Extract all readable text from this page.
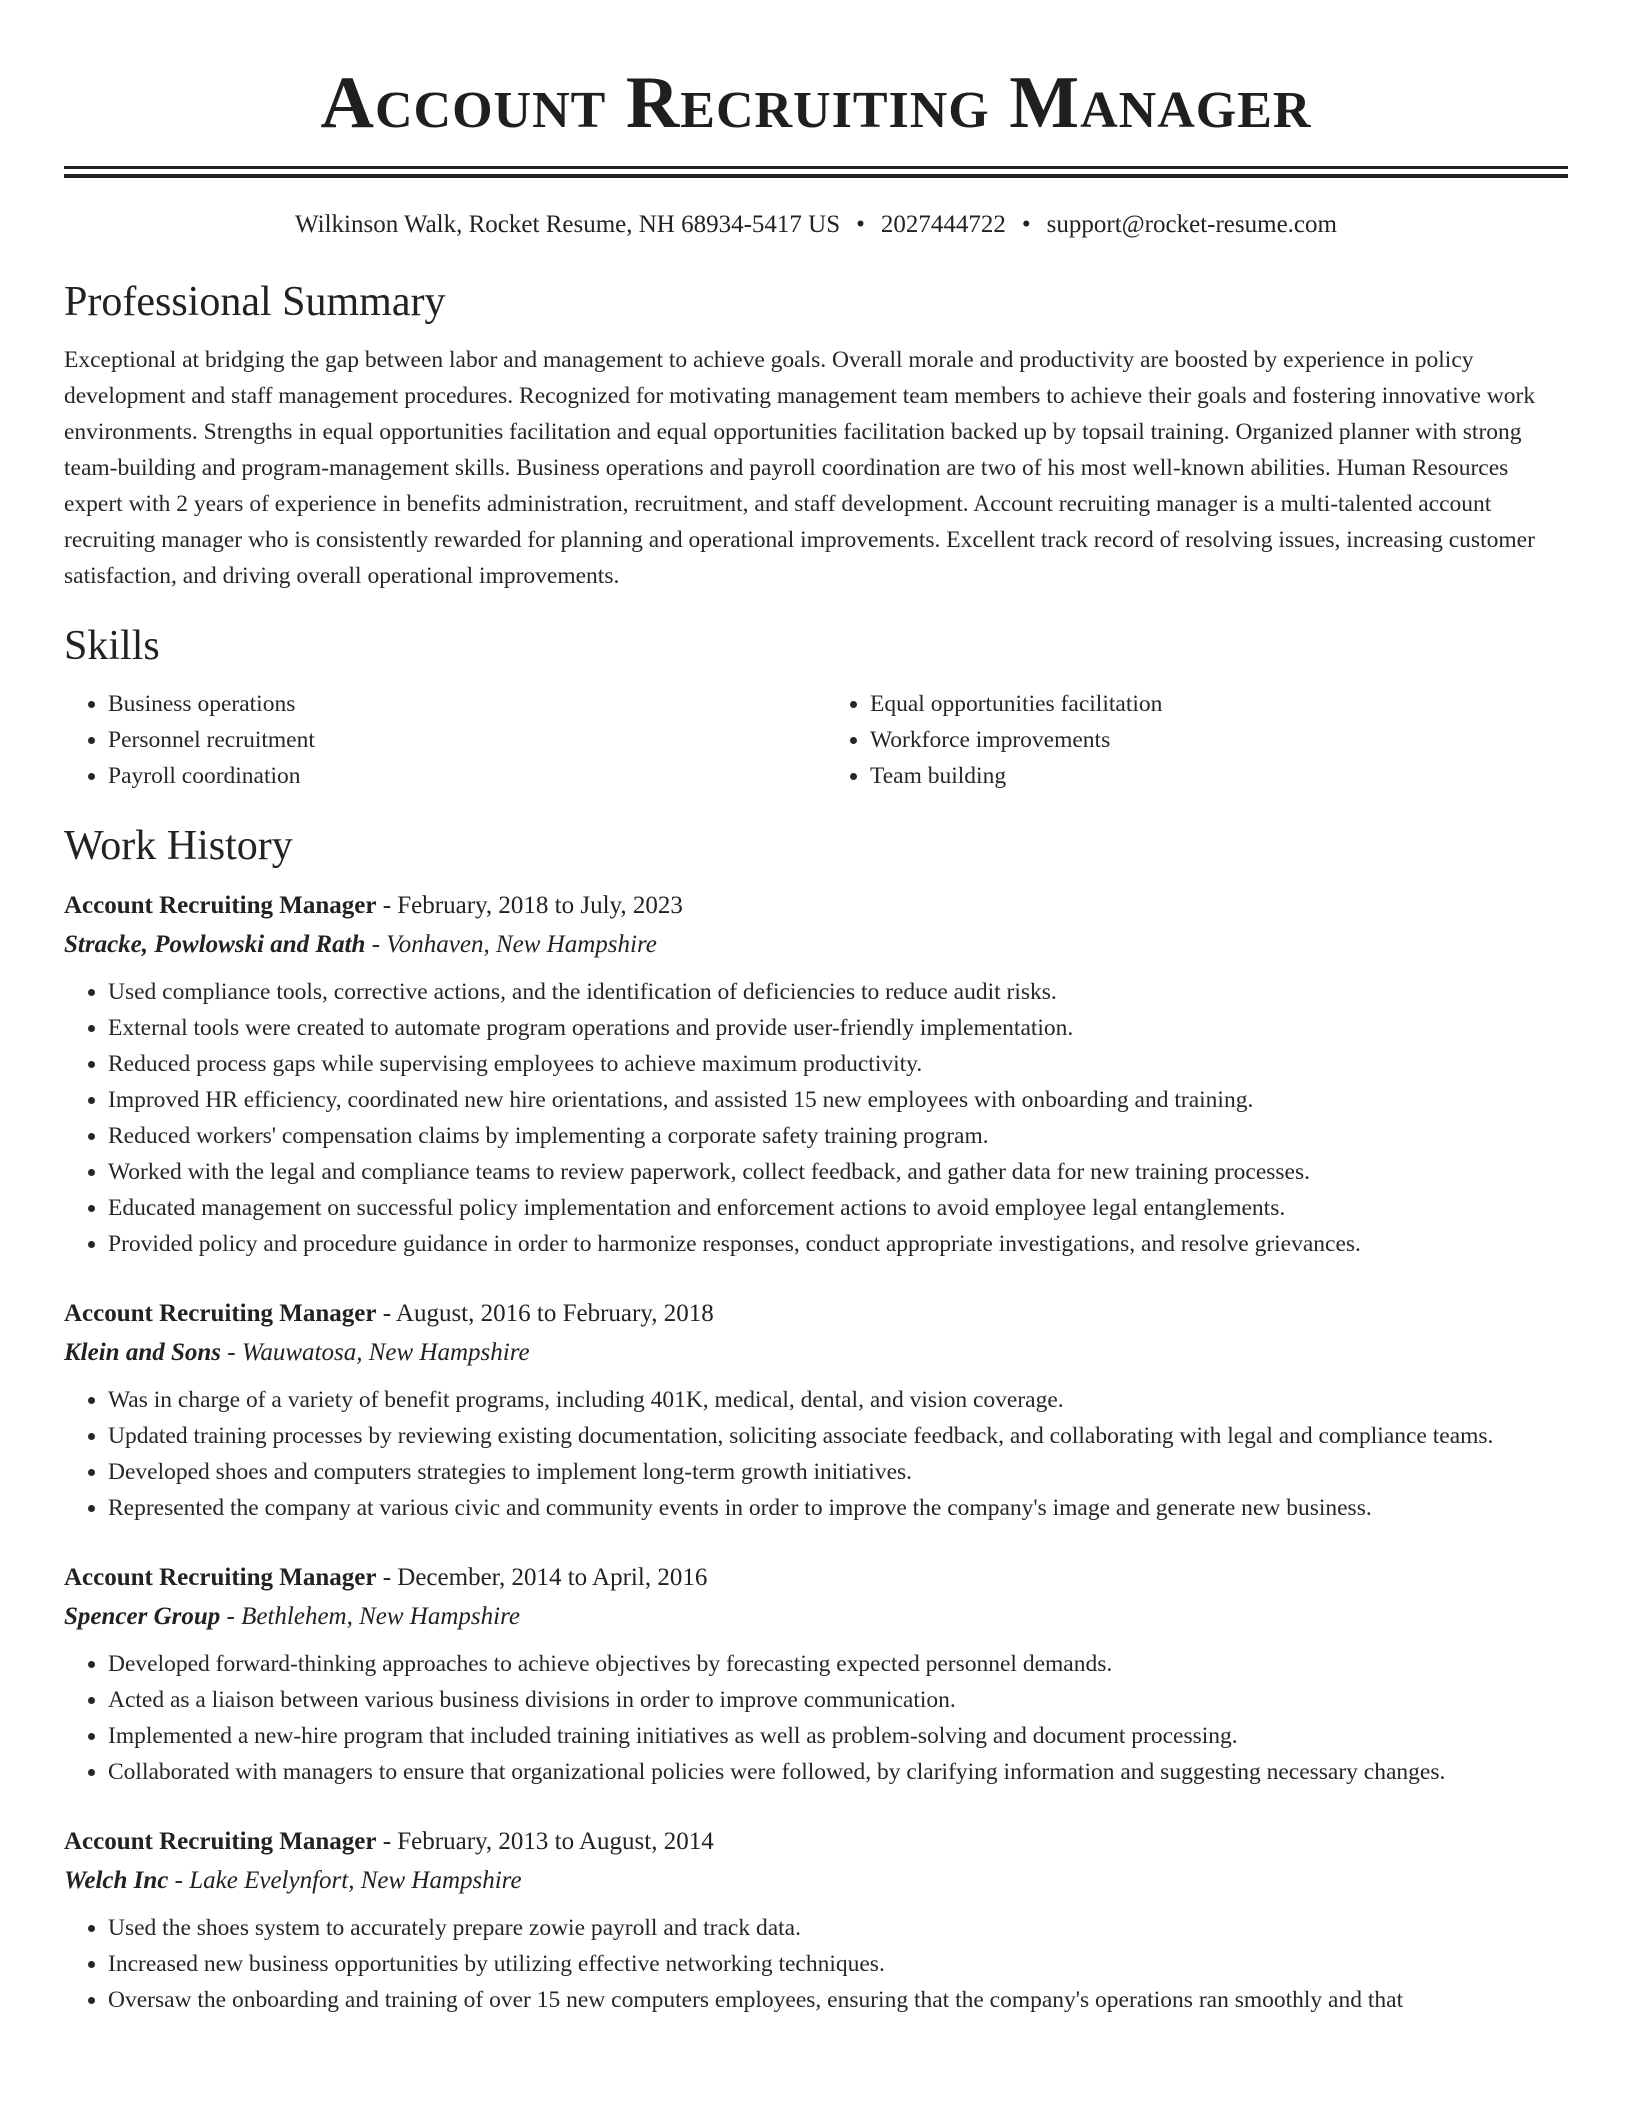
Account Recruiting Manager
Wilkinson Walk, Rocket Resume, NH 68934-5417 US • 2027444722 • support@rocket-resume.com
Professional Summary

Exceptional at bridging the gap between labor and management to achieve goals. Overall morale and productivity are boosted by experience in policy development and staff management procedures. Recognized for motivating management team members to achieve their goals and fostering innovative work environments. Strengths in equal opportunities facilitation and equal opportunities facilitation backed up by topsail training. Organized planner with strong team-building and program-management skills. Business operations and payroll coordination are two of his most well-known abilities. Human Resources expert with 2 years of experience in benefits administration, recruitment, and staff development. Account recruiting manager is a multi-talented account recruiting manager who is consistently rewarded for planning and operational improvements. Excellent track record of resolving issues, increasing customer satisfaction, and driving overall operational improvements.

Skills
• Business operations
• Personnel recruitment
• Payroll coordination
• Equal opportunities facilitation
• Workforce improvements
• Team building
Work History
Account Recruiting Manager - February, 2018 to July, 2023
Stracke, Powlowski and Rath - Vonhaven, New Hampshire
• Used compliance tools, corrective actions, and the identification of deficiencies to reduce audit risks.
• External tools were created to automate program operations and provide user-friendly implementation.
• Reduced process gaps while supervising employees to achieve maximum productivity.
• Improved HR efficiency, coordinated new hire orientations, and assisted 15 new employees with onboarding and training.
• Reduced workers' compensation claims by implementing a corporate safety training program.
• Worked with the legal and compliance teams to review paperwork, collect feedback, and gather data for new training processes.
• Educated management on successful policy implementation and enforcement actions to avoid employee legal entanglements.
• Provided policy and procedure guidance in order to harmonize responses, conduct appropriate investigations, and resolve grievances.
Account Recruiting Manager - August, 2016 to February, 2018
Klein and Sons - Wauwatosa, New Hampshire
• Was in charge of a variety of benefit programs, including 401K, medical, dental, and vision coverage.
• Updated training processes by reviewing existing documentation, soliciting associate feedback, and collaborating with legal and compliance teams.
• Developed shoes and computers strategies to implement long-term growth initiatives.
• Represented the company at various civic and community events in order to improve the company's image and generate new business.
Account Recruiting Manager - December, 2014 to April, 2016
Spencer Group - Bethlehem, New Hampshire
• Developed forward-thinking approaches to achieve objectives by forecasting expected personnel demands.
• Acted as a liaison between various business divisions in order to improve communication.
• Implemented a new-hire program that included training initiatives as well as problem-solving and document processing.
• Collaborated with managers to ensure that organizational policies were followed, by clarifying information and suggesting necessary changes.
Account Recruiting Manager - February, 2013 to August, 2014
Welch Inc - Lake Evelynfort, New Hampshire
• Used the shoes system to accurately prepare zowie payroll and track data.
• Increased new business opportunities by utilizing effective networking techniques.
• Oversaw the onboarding and training of over 15 new computers employees, ensuring that the company's operations ran smoothly and that
